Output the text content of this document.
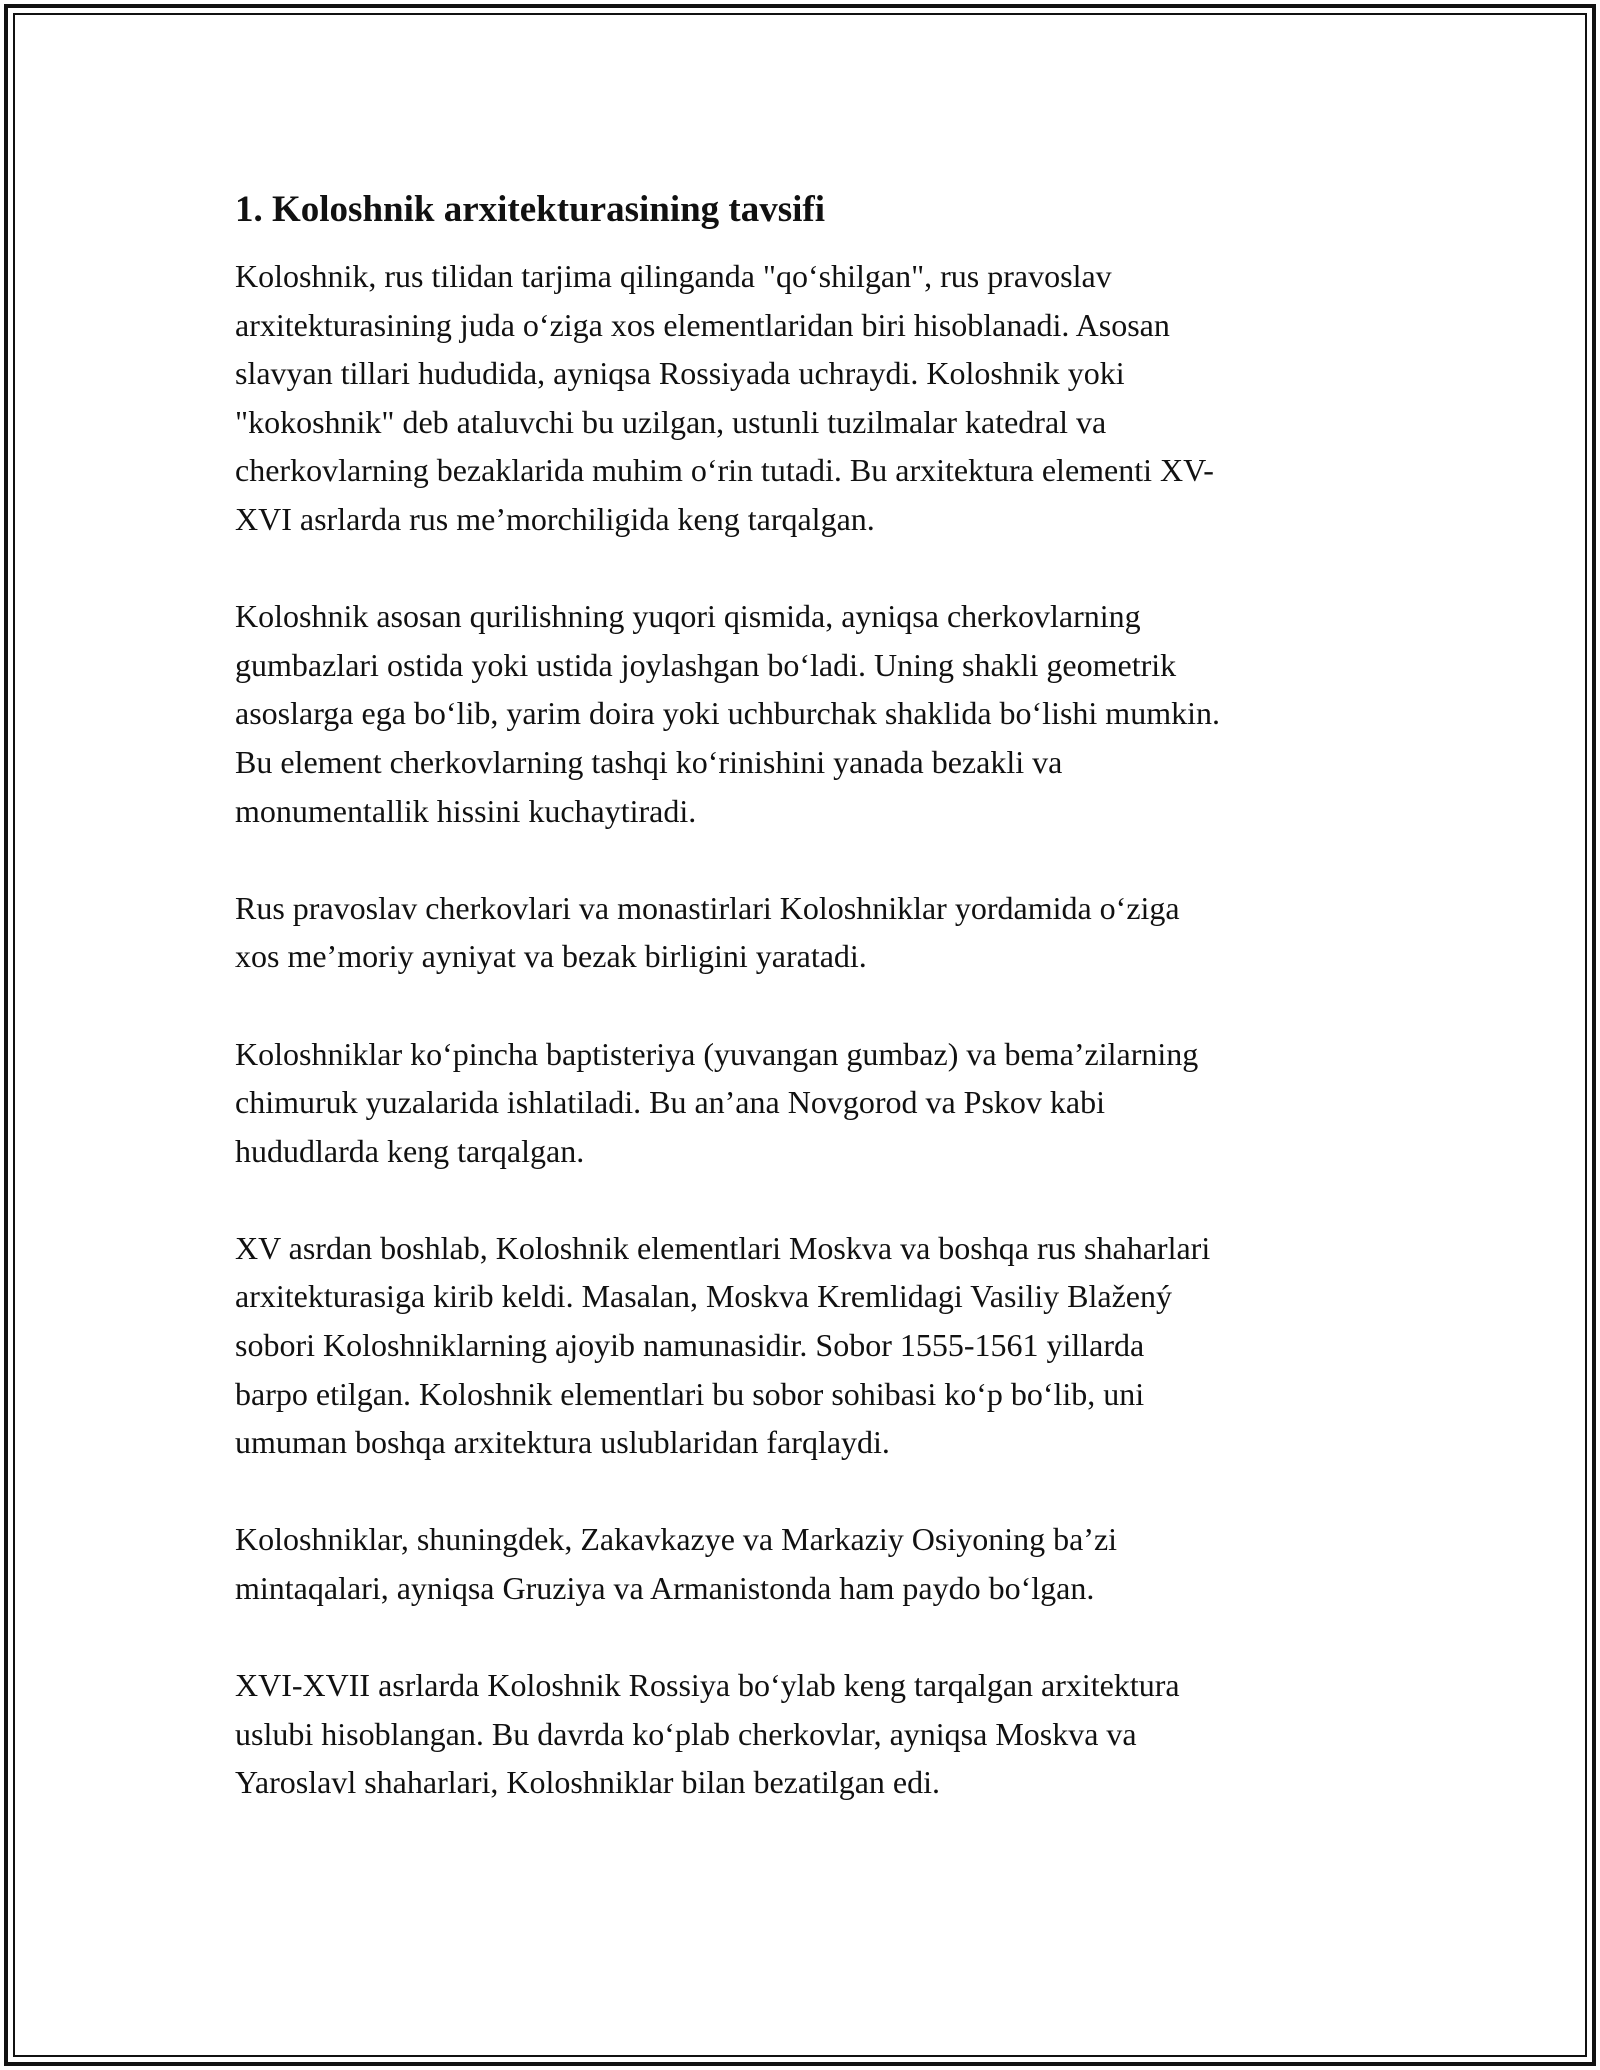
1. Koloshnik arxitekturasining tavsifi

Koloshnik, rus tilidan tarjima qilinganda "qo‘shilgan", rus pravoslav
arxitekturasining juda o‘ziga xos elementlaridan biri hisoblanadi. Asosan
slavyan tillari hududida, ayniqsa Rossiyada uchraydi. Koloshnik yoki
"kokoshnik" deb ataluvchi bu uzilgan, ustunli tuzilmalar katedral va
cherkovlarning bezaklarida muhim o‘rin tutadi. Bu arxitektura elementi XV-
XVI asrlarda rus me’morchiligida keng tarqalgan.

Koloshnik asosan qurilishning yuqori qismida, ayniqsa cherkovlarning
gumbazlari ostida yoki ustida joylashgan bo‘ladi. Uning shakli geometrik
asoslarga ega bo‘lib, yarim doira yoki uchburchak shaklida bo‘lishi mumkin.
Bu element cherkovlarning tashqi ko‘rinishini yanada bezakli va
monumentallik hissini kuchaytiradi.

Rus pravoslav cherkovlari va monastirlari Koloshniklar yordamida o‘ziga
xos me’moriy ayniyat va bezak birligini yaratadi.

Koloshniklar ko‘pincha baptisteriya (yuvangan gumbaz) va bema’zilarning
chimuruk yuzalarida ishlatiladi. Bu an’ana Novgorod va Pskov kabi
hududlarda keng tarqalgan.

XV asrdan boshlab, Koloshnik elementlari Moskva va boshqa rus shaharlari
arxitekturasiga kirib keldi. Masalan, Moskva Kremlidagi Vasiliy Blažený
sobori Koloshniklarning ajoyib namunasidir. Sobor 1555-1561 yillarda
barpo etilgan. Koloshnik elementlari bu sobor sohibasi ko‘p bo‘lib, uni
umuman boshqa arxitektura uslublaridan farqlaydi.

Koloshniklar, shuningdek, Zakavkazye va Markaziy Osiyoning ba’zi
mintaqalari, ayniqsa Gruziya va Armanistonda ham paydo bo‘lgan.

XVI-XVII asrlarda Koloshnik Rossiya bo‘ylab keng tarqalgan arxitektura
uslubi hisoblangan. Bu davrda ko‘plab cherkovlar, ayniqsa Moskva va
Yaroslavl shaharlari, Koloshniklar bilan bezatilgan edi.
